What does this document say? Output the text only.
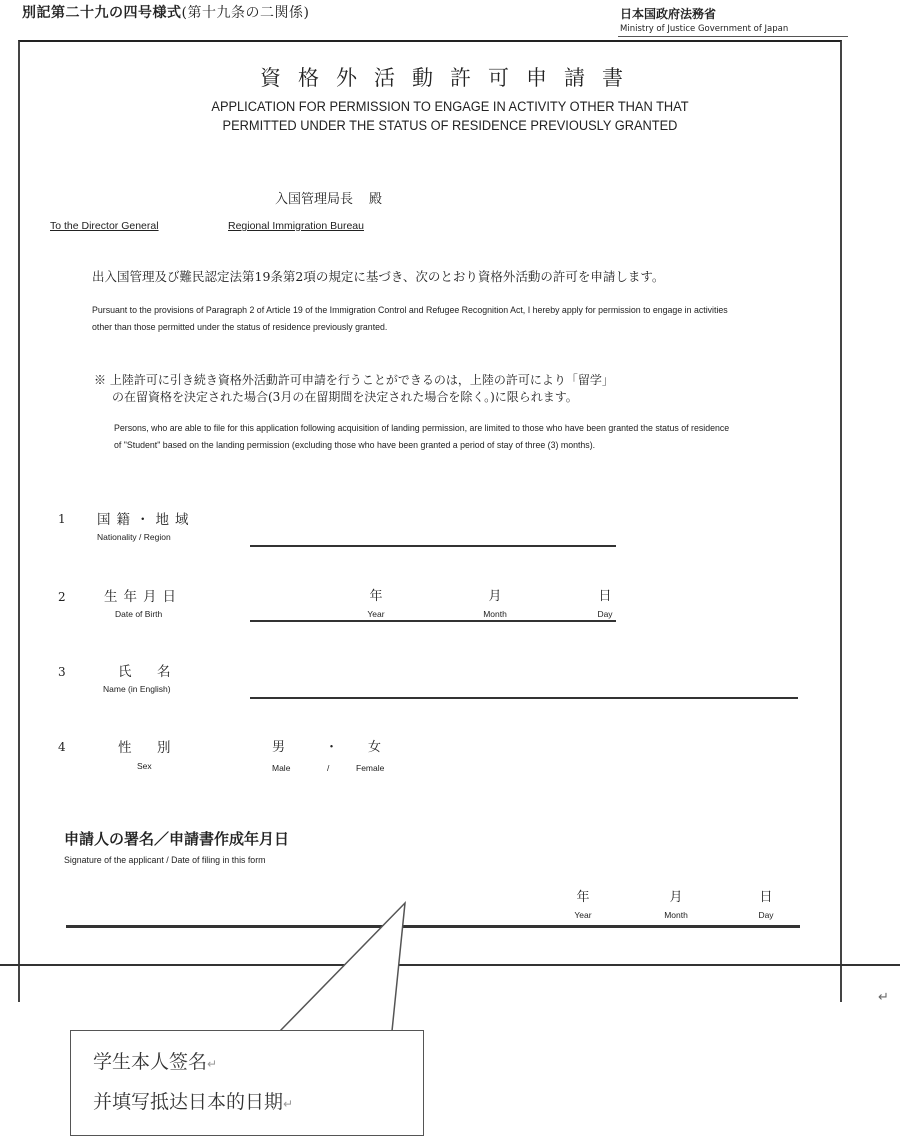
別記第二十九の四号様式(第十九条の二関係)	日本国政府法務省
Ministry of Justice Government of Japan
資格外活動許可申請書
APPLICATION FOR PERMISSION TO ENGAGE IN ACTIVITY OTHER THAN THAT
PERMITTED UNDER THE STATUS OF RESIDENCE PREVIOUSLY GRANTED
入国管理局長 殿
To the Director General	Regional Immigration Bureau
出入国管理及び難民認定法第19条第2項の規定に基づき、次のとおり資格外活動の許可を申請します。
Pursuant to the provisions of Paragraph 2 of Article 19 of the Immigration Control and Refugee Recognition Act, I hereby apply for permission to engage in activities other than those permitted under the status of residence previously granted.
※ 上陸許可に引き続き資格外活動許可申請を行うことができるのは，上陸の許可により「留学」
の在留資格を決定された場合(3月の在留期間を決定された場合を除く。)に限られます。
Persons, who are able to file for this application following acquisition of landing permission, are limited to those who have been granted the status of residence of "Student" based on the landing permission (excluding those who have been granted a period of stay of three (3) months).
1 国籍・地域
Nationality / Region
2	生年月日
Date of Birth
年
Year
月
Month
日
Day
3	氏　名
Name (in English)
4	性　別
Sex
男	・ 女
Male	/	Female
申請人の署名／申請書作成年月日
Signature of the applicant / Date of filing in this form
年
Year
月
Month
日
Day
学生本人签名↵
并填写抵达日本的日期↵
↵
